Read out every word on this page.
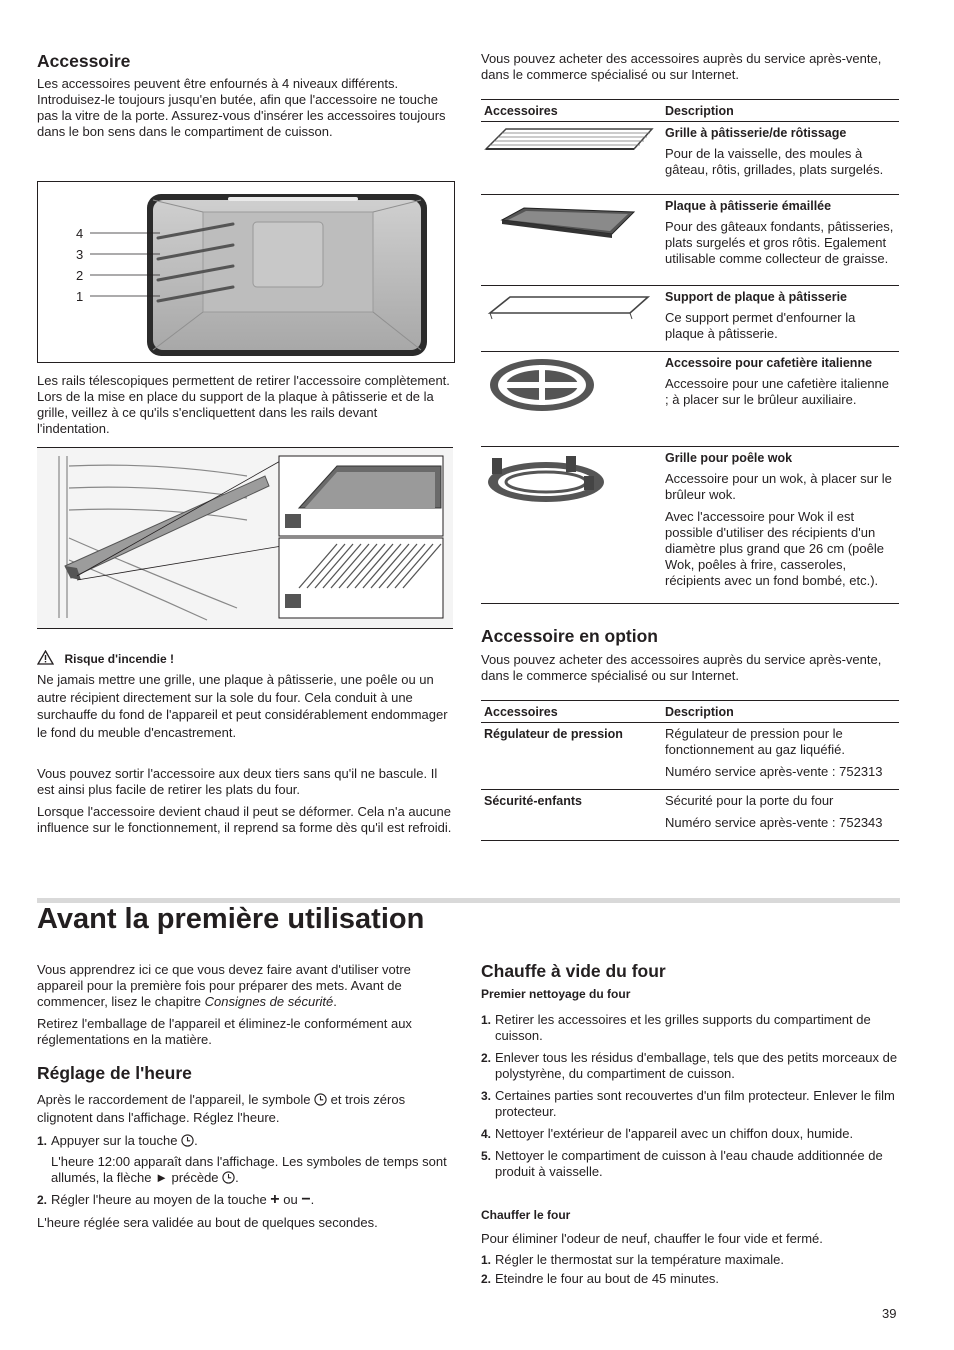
Accessoire

Les accessoires peuvent être enfournés à 4 niveaux différents. Introduisez-le toujours jusqu'en butée, afin que l'accessoire ne touche pas la vitre de la porte. Assurez-vous d'insérer les accessoires toujours dans le bon sens dans le compartiment de cuisson.

4
3
2
1

Les rails télescopiques permettent de retirer l'accessoire complètement. Lors de la mise en place du support de la plaque à pâtisserie et de la grille, veillez à ce qu'ils s'encliquettent dans les rails devant l'indentation.

Risque d'incendie !

Ne jamais mettre une grille, une plaque à pâtisserie, une poêle ou un autre récipient directement sur la sole du four. Cela conduit à une surchauffe du fond de l'appareil et peut considérablement endommager le fond du meuble d'encastrement.

Vous pouvez sortir l'accessoire aux deux tiers sans qu'il ne bascule. Il est ainsi plus facile de retirer les plats du four.

Lorsque l'accessoire devient chaud il peut se déformer. Cela n'a aucune influence sur le fonctionnement, il reprend sa forme dès qu'il est refroidi.

Vous pouvez acheter des accessoires auprès du service après-vente, dans le commerce spécialisé ou sur Internet.

Accessoires	Description

Grille à pâtisserie/de rôtissage
Pour de la vaisselle, des moules à gâteau, rôtis, grillades, plats surgelés.

Plaque à pâtisserie émaillée
Pour des gâteaux fondants, pâtisseries, plats surgelés et gros rôtis. Egalement utilisable comme collecteur de graisse.

Support de plaque à pâtisserie
Ce support permet d'enfourner la plaque à pâtisserie.

Accessoire pour cafetière italienne
Accessoire pour une cafetière italienne ; à placer sur le brûleur auxiliaire.

Grille pour poêle wok
Accessoire pour un wok, à placer sur le brûleur wok.
Avec l'accessoire pour Wok il est possible d'utiliser des récipients d'un diamètre plus grand que 26 cm (poêle Wok, poêles à frire, casseroles, récipients avec un fond bombé, etc.).
Accessoire en option

Vous pouvez acheter des accessoires auprès du service après-vente, dans le commerce spécialisé ou sur Internet.

Accessoires	Description
Régulateur de pression	Régulateur de pression pour le fonctionnement au gaz liquéfié.
Numéro service après-vente : 752313

Sécurité-enfants	Sécurité pour la porte du four
Numéro service après-vente : 752343
Avant la première utilisation

Vous apprendrez ici ce que vous devez faire avant d'utiliser votre appareil pour la première fois pour préparer des mets. Avant de commencer, lisez le chapitre Consignes de sécurité.

Retirez l'emballage de l'appareil et éliminez-le conformément aux réglementations en la matière.

Réglage de l'heure

Après le raccordement de l'appareil, le symbole  et trois zéros clignotent dans l'affichage. Réglez l'heure.

1. Appuyer sur la touche .
L'heure 12:00 apparaît dans l'affichage. Les symboles de temps sont allumés, la flèche ► précède .
2. Régler l'heure au moyen de la touche + ou −.

L'heure réglée sera validée au bout de quelques secondes.

Chauffe à vide du four
Premier nettoyage du four
1. Retirer les accessoires et les grilles supports du compartiment de cuisson.
2. Enlever tous les résidus d'emballage, tels que des petits morceaux de polystyrène, du compartiment de cuisson.
3. Certaines parties sont recouvertes d'un film protecteur. Enlever le film protecteur.
4. Nettoyer l'extérieur de l'appareil avec un chiffon doux, humide.
5. Nettoyer le compartiment de cuisson à l'eau chaude additionnée de produit à vaisselle.
Chauffer le four

Pour éliminer l'odeur de neuf, chauffer le four vide et fermé.

1. Régler le thermostat sur la température maximale.
2. Eteindre le four au bout de 45 minutes.
39
